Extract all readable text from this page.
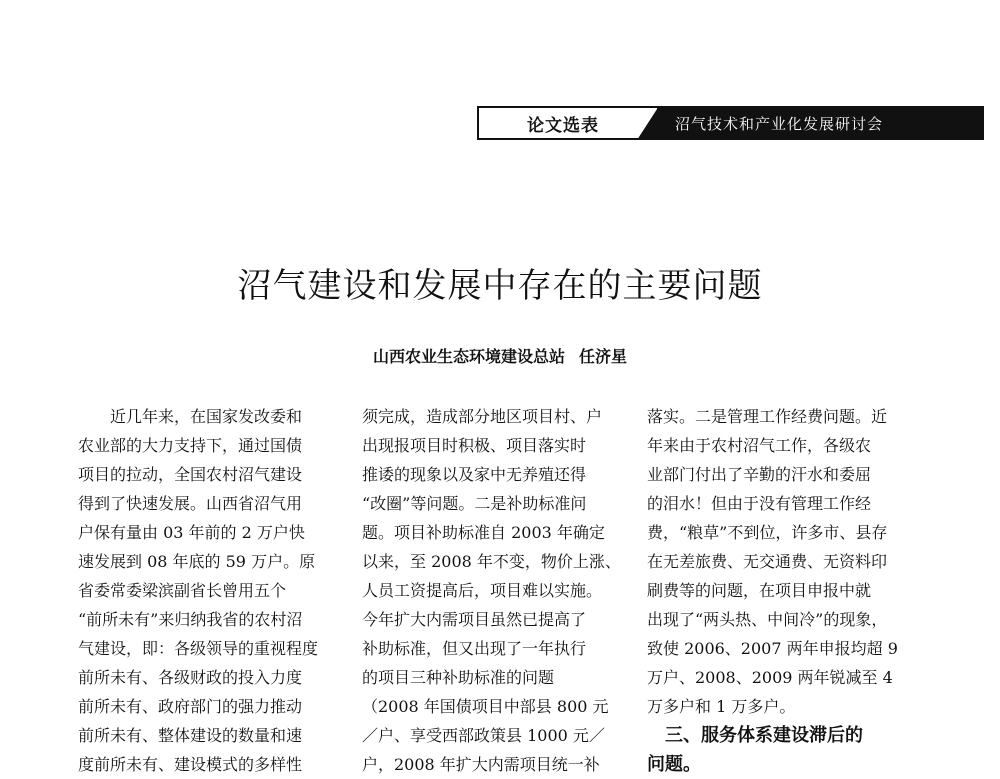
论文选表	沼气技术和产业化发展研讨会
沼气建设和发展中存在的主要问题
山西农业生态环境建设总站 任济星
　　近几年来，在国家发改委和
农业部的大力支持下，通过国债
项目的拉动，全国农村沼气建设
得到了快速发展。山西省沼气用
户保有量由 03 年前的 2 万户快
速发展到 08 年底的 59 万户。原
省委常委梁滨副省长曾用五个
“前所未有”来归纳我省的农村沼
气建设，即：各级领导的重视程度
前所未有、各级财政的投入力度
前所未有、政府部门的强力推动
前所未有、整体建设的数量和速
度前所未有、建设模式的多样性
须完成，造成部分地区项目村、户
出现报项目时积极、项目落实时
推诿的现象以及家中无养殖还得
“改圈”等问题。二是补助标准问
题。项目补助标准自 2003 年确定
以来，至 2008 年不变，物价上涨、
人员工资提高后，项目难以实施。
今年扩大内需项目虽然已提高了
补助标准，但又出现了一年执行
的项目三种补助标准的问题
（2008 年国债项目中部县 800 元
／户、享受西部政策县 1000 元／
户，2008 年扩大内需项目统一补
落实。二是管理工作经费问题。近
年来由于农村沼气工作，各级农
业部门付出了辛勤的汗水和委屈
的泪水！但由于没有管理工作经
费，“粮草”不到位，许多市、县存
在无差旅费、无交通费、无资料印
刷费等的问题，在项目申报中就
出现了“两头热、中间冷”的现象，
致使 2006、2007 两年申报均超 9
万户、2008、2009 两年锐减至 4
万多户和 1 万多户。
　三、服务体系建设滞后的
问题。
